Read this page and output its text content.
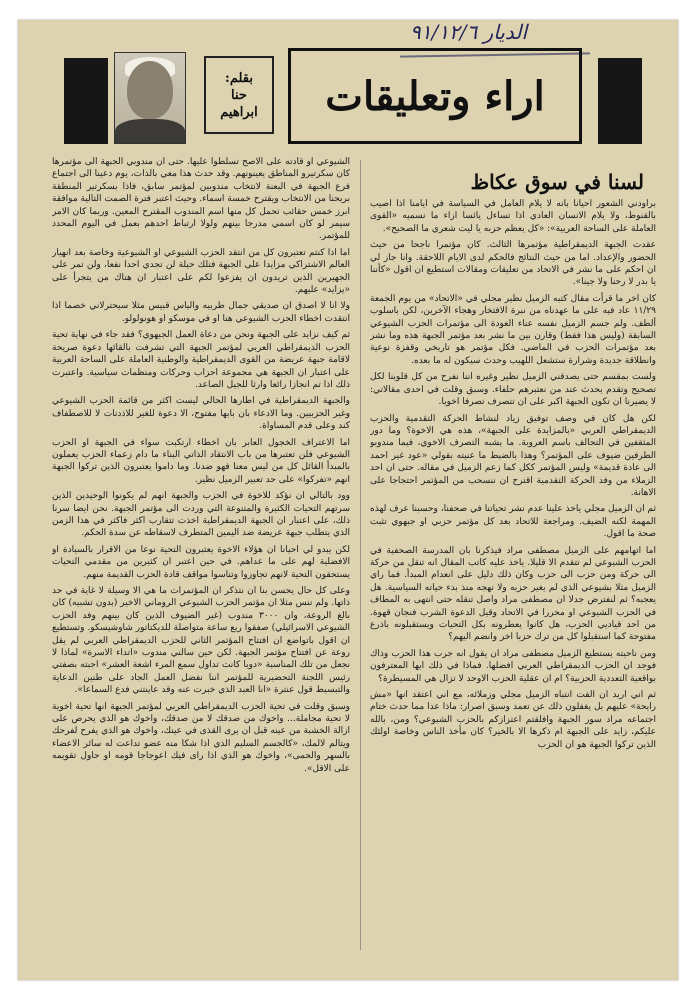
الديار ٩١/١٢/٦
بقلم:
حنا
ابراهيم اراء وتعليقات
لسنا في سوق عكاظ

براودني الشعور احيانا بانه لا يلام العامل في السياسة في ايامنا اذا اصيب بالقنوط، ولا يلام الانسان العادي اذا تساءل يائسا ازاء ما نسميه «القوى العاملة على الساحة العربية»: «كل يعظم حزبه يا ليت شعري ما الصحيح».

عقدت الجبهة الديمقراطية مؤتمرها الثالث. كان مؤتمرا ناجحا من حيث الحضور والإعداد. اما من حيث النتائج فالحكم لدى الايام اللاحقة. وانا جاز لي ان احكم على ما نشر في الاتحاد من تعليقات ومقالات استطيع ان اقول «كأننا يا بدر لا رحنا ولا جينا».

كان اخر ما قرأت مقال كتبه الزميل نظير مجلي في «الاتحاد» من يوم الجمعة ١١/٢٩ عاد فيه على ما عهدناه من نبرة الافتخار وهجاء الآخرين، لكن باسلوب ألطف. ولم جسم الزميل نفسه عناء العودة الى مؤتمرات الحزب الشيوعي السابقة (وليس هذا فقط) وقارن بين ما نشر بعد مؤتمر الجبهة هذه وما نشر بعد مؤتمرات الحزب في الماضي. فكل مؤتمر هو تاريخي وقفزة نوعية وانطلاقة جديدة وشرارة ستشعل اللهيب وحدث سيكون له ما بعده.

ولست بمقسم حتى يصدقني الزميل نظير وغيره اننا نفرح من كل قلوبنا لكل تصحيح وتقدم يحدث عند من نعتبرهم حلفاء. وسبق وقلت في احدى مقالاتي: لا يضيرنا ان تكون الجبهة اكبر على ان تتصرف تصرفا اخويا.

لكن هل كان في وصف توفيق زياد لنشاط الحركة التقدمية والحزب الديمقراطي العربي «بالمزايدة على الجبهة»، هذه هي الاخوة؟ وما دور المثقفين في التحالف باسم العروبة. ما يشبه التصرف الاخوي، فيما مندوبو الطرفين ضيوف على المؤتمر؟ وهذا بالضبط ما عنيته بقولي «عود غير احمد الى عادة قديمة» وليس المؤتمر ككل كما زعم الزميل في مقاله. حتى ان احد الزملاء من وفد الحركة التقدمية اقترح ان ننسحب من المؤتمر احتجاجا على الاهانة.

ثم ان الزميل مجلي ياخذ علينا عدم نشر تحياتنا في صحفنا، وحسبنا عرف لهذه المهمة لكنه الضيف. ومراجعة للاتحاد بعد كل مؤتمر حزبي او جبهوي تثبت صحة ما اقول.

اما اتهامهم على الزميل مصطفى مراد فيذكرنا بان المدرسة الصحفية في الحزب الشيوعي لم تتقدم الا قليلا. ياخذ عليه كاتب المقال انه تنقل من حركة الى حركة ومن حزب الى حزب وكان ذلك دليل على انعدام المبدأ. فما راي الزميل مثلا بشيوعي الذي لم يغير حزبه ولا نهجه منذ بدء حياته السياسية. هل يعجبه؟ ثم لنفترض جدلا ان مصطفى مراد واصل تنقله حتى انتهى به المطاف في الحزب الشيوعي او محررا في الاتحاد وقيل الدعوة الشرب فنجان قهوة. من احد قياديي الحزب، هل كانوا يعطرونه بكل التحيات ويستقبلونه باذرع مفتوحة كما استقبلوا كل من ترك حزبا اخر وانضم اليهم؟

ومن ناحيته يستطيع الزميل مصطفى مراد ان يقول انه جرب هذا الحزب وذاك فوجد ان الحزب الديمقراطي العربي افضلها. فماذا في ذلك ايها المعترفون بواقعية التعددية الحزبية؟ ام ان عقلية الحزب الاوحد لا تزال هي المسيطرة؟

ثم اني اريد ان الفت انتباه الزميل مجلي وزملائه، مع اني اعتقد انها «مش رايحة» عليهم بل يغفلون ذلك عن تعمد وسبق اصرار: ماذا عدا مما حدث ختام اجتماعه مراد سور الجبهة وافلقتم اعتزازكم بالحزب الشيوعي؟ ومن، بالله عليكم، زايد على الجبهة ام ذكرها الا بالخير؟ كان مأخذ الناس وخاصة اولئك الذين تركوا الجبهة هو ان الحزب

الشيوعي او قادته على الاصح تسلطوا عليها. حتى ان مندوبي الجبهة الى مؤتمرها كان سكرتيرو المناطق يعينونهم. وقد حدث هذا معي بالذات، يوم دعينا الى اجتماع فرع الجبهة في البعنة لانتخاب مندوبين لمؤتمر سابق، فاذا بسكرتير المنطقة بريحنا من الانتخاب ويقترح خمسة اسماء. وحيث اعتبر فترة الصمت التالية موافقة ابرز خمس حقائب تحمل كل منها اسم المندوب المقترح المعين. وربما كان الامر سيمر لو كان اسمي مدرجا بينهم ولولا ارتباط احدهم بعمل في اليوم المحدد للمؤتمر.

اما اذا كنتم تعتبرون كل من انتقد الحزب الشيوعي او الشيوعية وخاصة بعد انهيار العالم الاشتراكي مزايدا على الجبهة فتلك حيلة لن تجدي احدا نفعا، ولن تمر على الجهيرين الذين تريدون ان يفزعوا لكم على اعتبار ان هناك من يتجرأ على «يزايد» عليهم.

ولا انا لا اصدق ان صديقي جمال طربيه والياس قبيس مثلا سيحترلاني خصما اذا انتقدت اخطاء الحزب الشيوعي هنا او في موسكو او هونولولو.

ثم كيف نزايد على الجبهة ونحن من دعاة العمل الجبهوي؟ فقد جاء في نهاية تحية الحزب الديمقراطي العربي لمؤتمر الجبهة التي تشرفت بالقائها دعوة صريحة لاقامة جبهة عريضة من القوى الديمقراطية والوطنية العاملة على الساحة العربية على اعتبار ان الجبهة هي مجموعة احزاب وحركات ومنظمات سياسية. واعتبرت ذلك اذا تم انجازا رائعا وارثا للجيل الصاعد.

والجبهة الديمقراطية في اطارها الحالي ليست اكثر من قائمة الحزب الشيوعي وغير الحزبيين. وما الادعاء بان بابها مفتوح، الا دعوة للغير للاذدنات لا للاصطفاف كند وعلى قدم المساواة.

اما الاعتراف الخجول العابر بان اخطاء ارتكبت سواء في الجبهة او الحزب الشيوعي فلن تعتبرها من باب الانتقاد الذاتي البناء ما دام زعماء الحزب يعملون بالمبدأ القائل كل من ليس معنا فهو ضدنا. وما داموا يعتبرون الذين تركوا الجبهة انهم «تفركوا» على حد تعبير الزميل نظير.

وود بالتالي ان نؤكد للاخوة في الحزب والجبهة انهم لم يكونوا الوحيدين الذين سرتهم التحيات الكثيرة والمتنوعة التي وردت الى مؤتمر الجبهة. نحن ايضا سرنا ذلك، على اعتبار ان الجبهة الديمقراطية اخذت تتقارب اكثر فاكثر في هذا الزمن الذي يتطلب جبهة عريضة ضد اليمين المتطرف لاسقاطه عن سدة الحكم.

لكن يبدو لي احيانا ان هؤلاء الاخوة يعتبرون التحية نوعا من الاقرار بالسيادة او الافضلية لهم على ما عداهم. في حين اعتبر ان كثيرين من مقدمي التحيات يستحقون التحية لانهم تجاوزوا وتناسوا مواقف قادة الحزب القديمة منهم.

وعلى كل حال يحسن بنا ان نتذكر ان المؤتمرات ما هي الا وسيلة لا غاية في حد ذاتها. ولم ننس مثلا ان مؤتمر الحزب الشيوعي الروماني الاخير (بدون تشبيه) كان بالغ الروعة، وان ٣٠٠٠ مندوب (غير الضيوف الذين كان بينهم وفد الحزب الشيوعي الاسرائيلي) صفقوا ربع ساعة متواصلة للديكتاتور شاوشيسكو. وتستطيع ان اقول باتواضع ان افتتاح المؤتمر الثاني للحزب الديمقراطي العربي لم يقل روعة عن افتتاح مؤتمر الجبهة. لكن حين سالني مندوب «اتداء الاسرة» لماذا لا نجعل من تلك المناسبة «دوبا كانت تداول سمع المرء اشعة العشر» اجبته بصفتي رئيس اللجنة التحضيرية للمؤتمر اننا نفضل العمل الجاد على طنين الدعاية والتبسيط قول عنترة «انا العبد الذي خبرت عنه وقد عاينتني فدع السماعا».

وسبق وقلت في تحية الحزب الديمقراطي العربي لمؤتمر الجبهة انها تحية اخوية لا تحية مجاملة... واخوك من صدقك لا من صدقك، واخوك هو الذي يحرص على ازالة الخشبة من عينه قبل ان يرى القذى في عينك، واخوك هو الذي يفرح لفرحك ويتالم لالمك، «كالجسم السليم الذي اذا شكا منه عضو تداعت له سائر الاعضاء بالسهر والحمى»، واخوك هو الذي اذا راى فيك اعوجاجا قومه او حاول تقويمه على الاقل».
